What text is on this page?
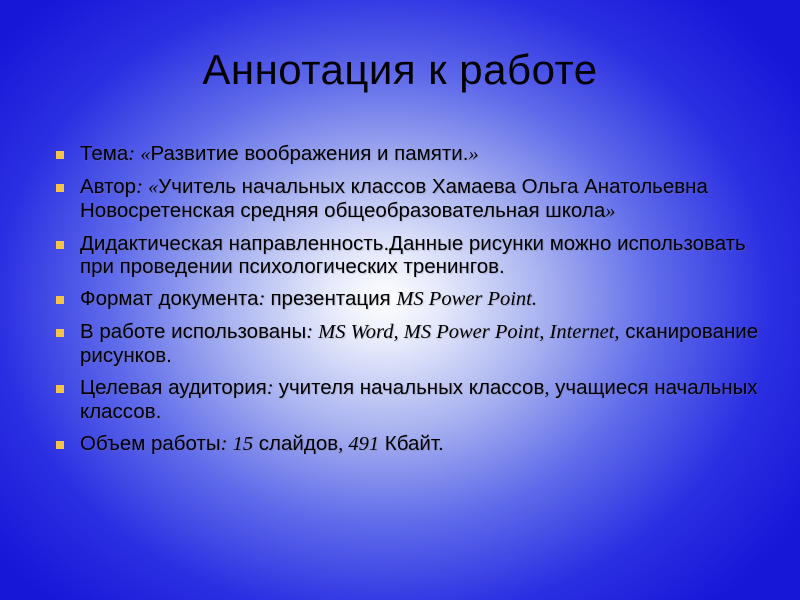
Аннотация к работе
Тема: «Развитие воображения и памяти.»
Автор: «Учитель начальных классов Хамаева Ольга Анатольевна Новосретенская средняя общеобразовательная школа»
Дидактическая направленность.Данные рисунки можно использовать при проведении психологических тренингов.
Формат документа: презентация MS Power Point.
В работе использованы: MS Word, MS Power Point, Internet, сканирование рисунков.
Целевая аудитория: учителя начальных классов, учащиеся начальных классов.
Объем работы: 15 слайдов, 491 Кбайт.
